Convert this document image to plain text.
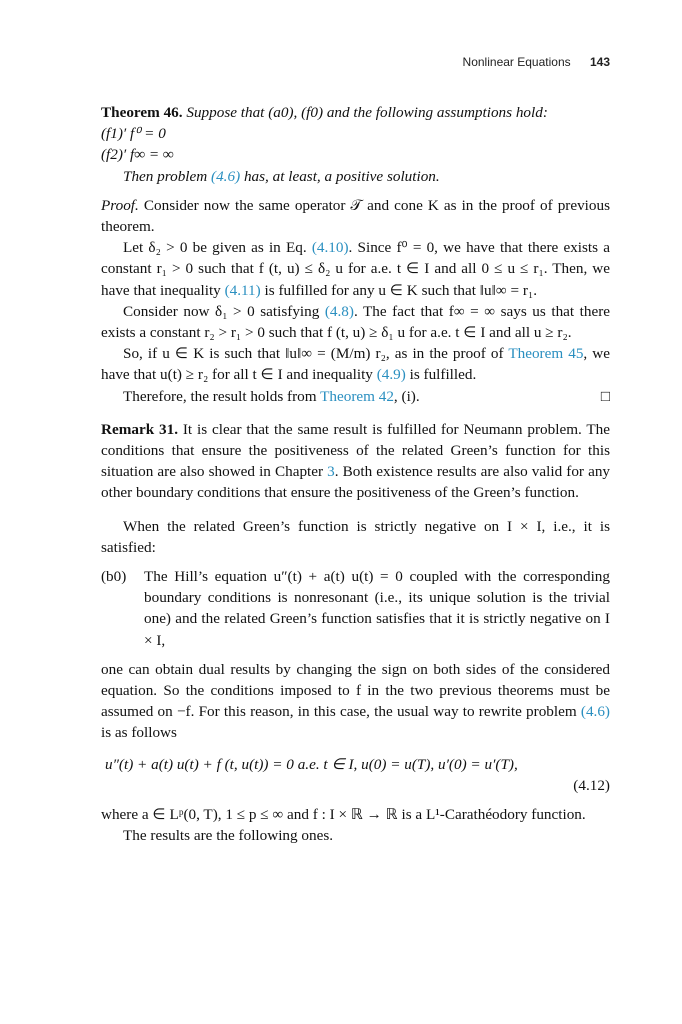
Nonlinear Equations 143

Theorem 46. Suppose that (a0), (f0) and the following assumptions hold:

(f1)′ f⁰ = 0

(f2)′ f∞ = ∞

Then problem (4.6) has, at least, a positive solution.

Proof. Consider now the same operator 𝒯 and cone K as in the proof of previous theorem.

Let δ₂ > 0 be given as in Eq. (4.10). Since f⁰ = 0, we have that there exists a constant r₁ > 0 such that f (t, u) ≤ δ₂ u for a.e. t ∈ I and all 0 ≤ u ≤ r₁. Then, we have that inequality (4.11) is fulfilled for any u ∈ K such that ‖u‖∞ = r₁.

Consider now δ₁ > 0 satisfying (4.8). The fact that f∞ = ∞ says us that there exists a constant r₂ > r₁ > 0 such that f (t, u) ≥ δ₁ u for a.e. t ∈ I and all u ≥ r₂.

So, if u ∈ K is such that ‖u‖∞ = (M/m) r₂, as in the proof of Theorem 45, we have that u(t) ≥ r₂ for all t ∈ I and inequality (4.9) is fulfilled.

Therefore, the result holds from Theorem 42, (i).	□

Remark 31. It is clear that the same result is fulfilled for Neumann problem. The conditions that ensure the positiveness of the related Green’s function for this situation are also showed in Chapter 3. Both existence results are also valid for any other boundary conditions that ensure the positiveness of the Green’s function.

When the related Green’s function is strictly negative on I × I, i.e., it is satisfied:

(b0) The Hill’s equation u″(t) + a(t) u(t) = 0 coupled with the corresponding boundary conditions is nonresonant (i.e., its unique solution is the trivial one) and the related Green’s function satisfies that it is strictly negative on I × I,

one can obtain dual results by changing the sign on both sides of the considered equation. So the conditions imposed to f in the two previous theorems must be assumed on −f. For this reason, in this case, the usual way to rewrite problem (4.6) is as follows

u″(t) + a(t) u(t) + f (t, u(t)) = 0 a.e. t ∈ I, u(0) = u(T), u′(0) = u′(T),

(4.12)

where a ∈ Lᵖ(0, T), 1 ≤ p ≤ ∞ and f : I × ℝ → ℝ is a L¹-Carathéodory function.

The results are the following ones.
